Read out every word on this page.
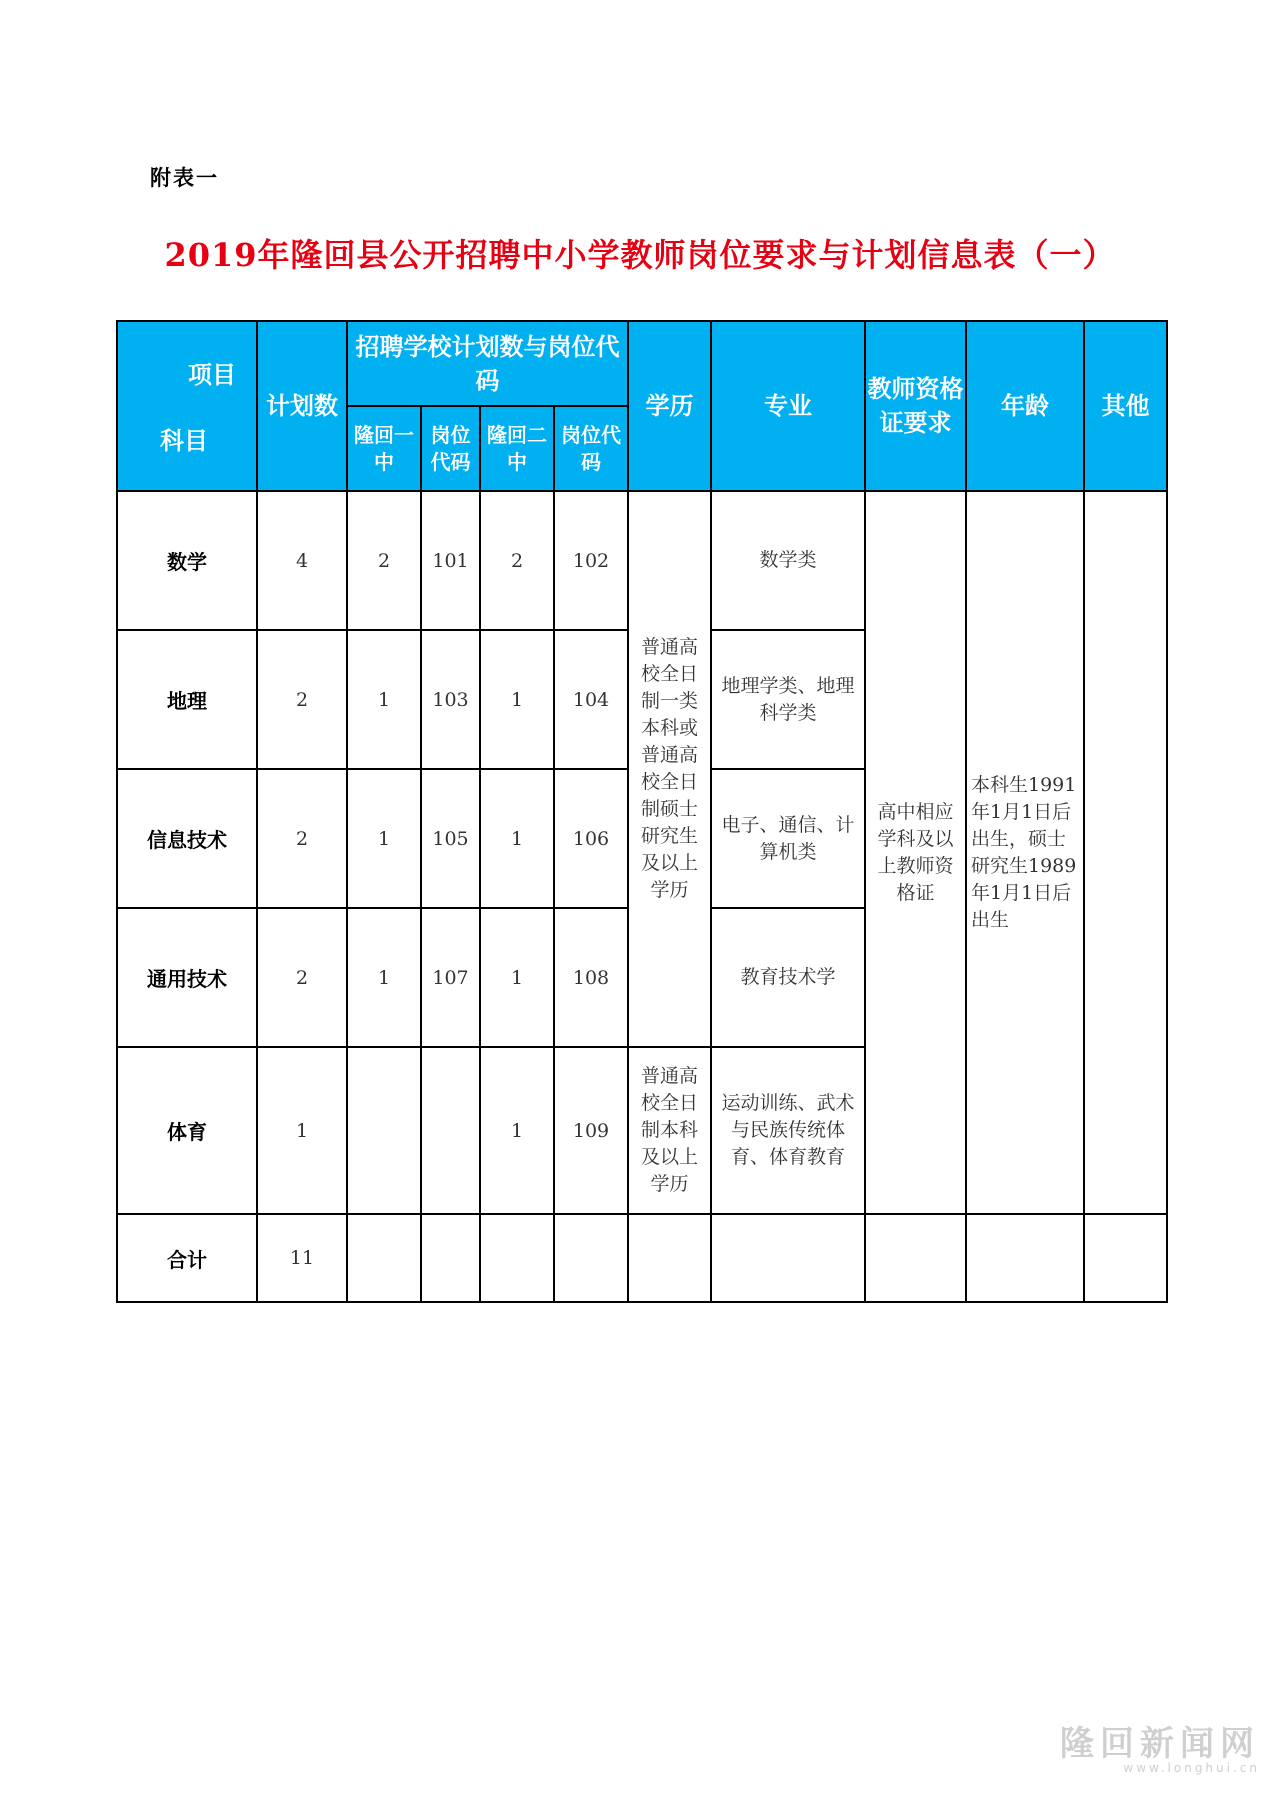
附表一
2019年隆回县公开招聘中小学教师岗位要求与计划信息表（一）
项目
科目	计划数	招聘学校计划数与岗位代码				学历	专业	教师资格证要求	年龄	其他
		隆回一中	岗位代码	隆回二中	岗位代码					
数学	4	2	101	2	102	普通高校全日制一类本科或普通高校全日制硕士研究生及以上学历	数学类	高中相应学科及以上教师资格证	本科生1991年1月1日后出生，硕士研究生1989年1月1日后出生	
地理	2	1	103	1	104		地理学类、地理科学类			
信息技术	2	1	105	1	106		电子、通信、计算机类			
通用技术	2	1	107	1	108		教育技术学			
体育	1			1	109	普通高校全日制本科及以上学历	运动训练、武术与民族传统体育、体育教育			
合计	11									
隆回新闻网
www.longhui.cn
